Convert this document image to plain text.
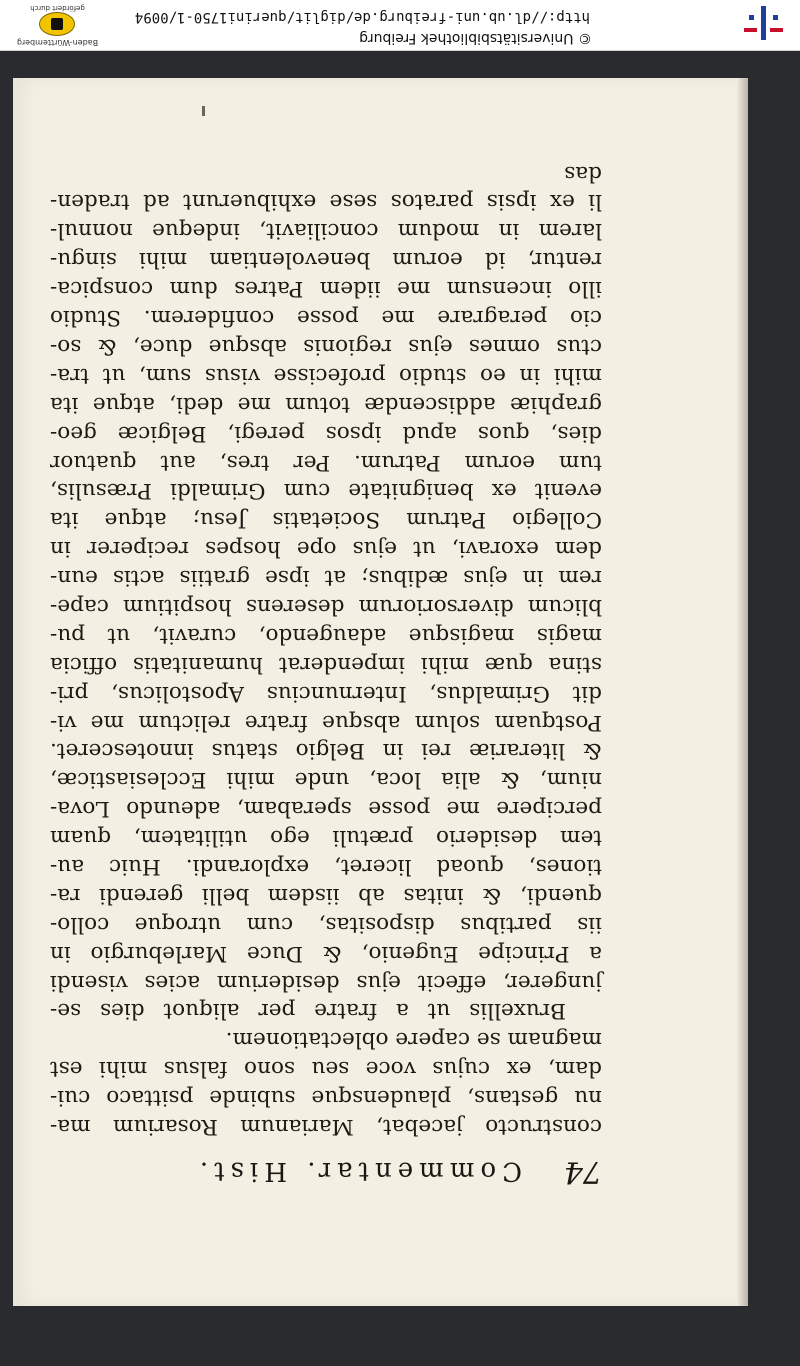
74
Commentar. Hist.
constructo jacebat, Marianum Rosarium ma-
nu gestans, plaudensque subinde psittaco cui-
dam, ex cujus voce seu sono falsus mihi est
magnam se capere oblectationem.
Bruxellis ut a fratre per aliquot dies se-
jungerer, effecit ejus desiderium acies visendi
a Principe Eugenio, & Duce Marleburgio in
iis partibus dispositas, cum utroque collo-
quendi, & initas ab iisdem belli gerendi ra-
tiones, quoad liceret, explorandi. Huic au-
tem desiderio prætuli ego utilitatem, quam
percipere me posse sperabam, adeundo Lova-
nium, & alia loca, unde mihi Ecclesiasticæ,
& literariæ rei in Belgio status innotesceret.
Postquam solum absque fratre relictum me vi-
dit Grimaldus, Internuncius Apostolicus, pri-
stina quæ mihi impenderat humanitatis officia
magis magisque adaugendo, curavit, ut pu-
blicum diversoriorum deserens hospitium cape-
rem in ejus ædibus; at ipse gratiis actis eun-
dem exoravi, ut ejus ope hospes reciperer in
Collegio Patrum Societatis Jesu; atque ita
evenit ex benignitate cum Grimaldi Præsulis,
tum eorum Patrum. Per tres, aut quatuor
dies, quos apud ipsos peregi, Belgicæ geo-
graphiæ addiscendæ totum me dedi, atque ita
mihi in eo studio profecisse visus sum, ut tra-
ctus omnes ejus regionis absque duce, & so-
cio peragrare me posse confiderem. Studio
illo incensum me iidem Patres dum conspica-
rentur, id eorum benevolentiam mihi singu-
larem in modum conciliavit, indeque nonnul-
li ex ipsis paratos sese exhibuerunt ad traden-
das
© Universitätsbibliothek Freiburg
http://dl.ub.uni-freiburg.de/diglit/querini1750-1/0094
Baden-Württemberg
gefördert durch
